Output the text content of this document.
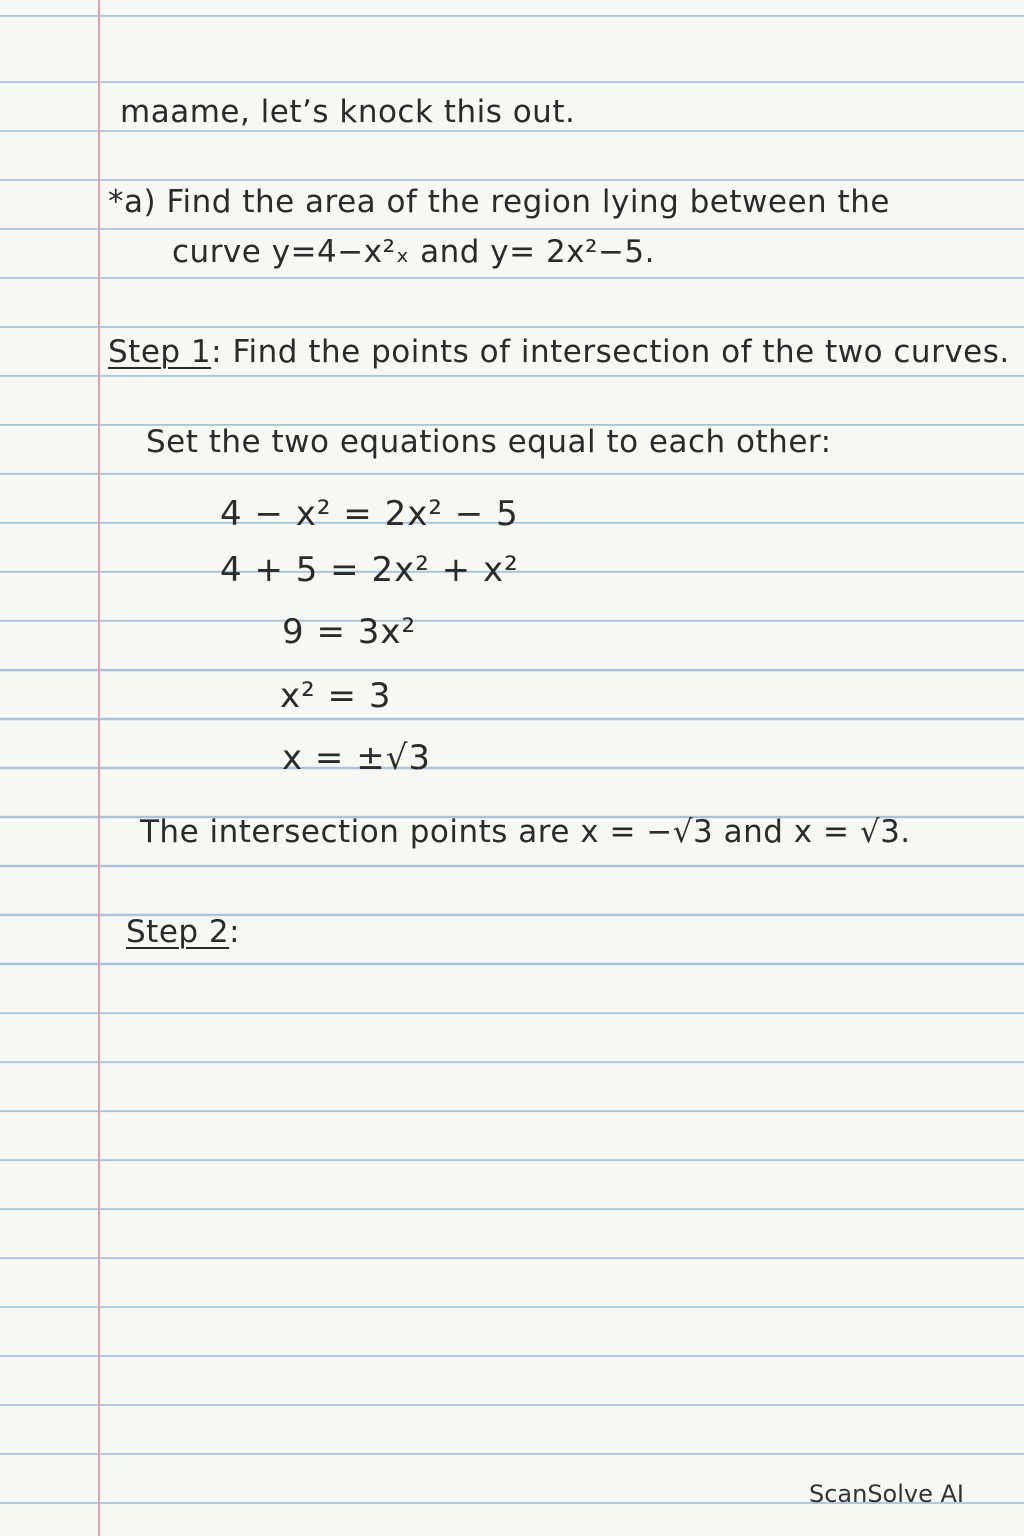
maame, let’s knock this out.
*a) Find the area of the region lying between the
curve y=4−x²ₓ and y= 2x²−5.
Step 1: Find the points of intersection of the two curves.
Set the two equations equal to each other:
4 − x² = 2x² − 5
4 + 5 = 2x² + x²
9 = 3x²
x² = 3
x = ±√3
The intersection points are x = −√3 and x = √3.
Step 2:
ScanSolve AI
